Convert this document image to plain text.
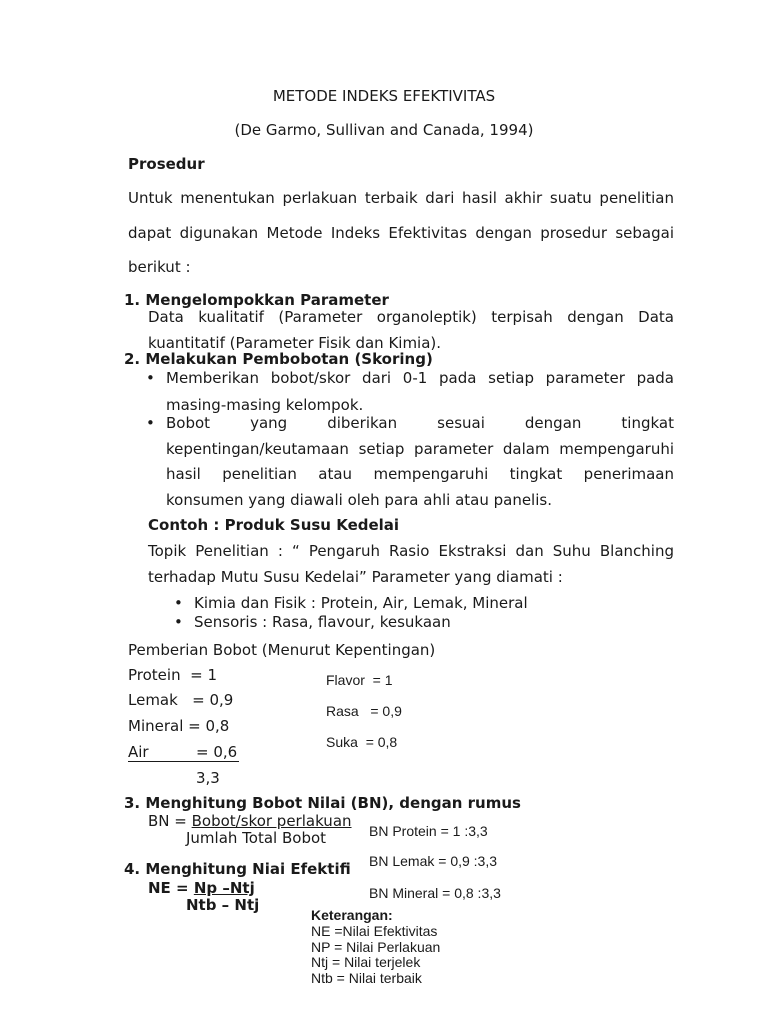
METODE INDEKS EFEKTIVITAS
(De Garmo, Sullivan and Canada, 1994)
Prosedur
Untuk menentukan perlakuan terbaik dari hasil akhir suatu penelitian
dapat digunakan Metode Indeks Efektivitas dengan prosedur sebagai
berikut :
1. Mengelompokkan Parameter
Data kualitatif (Parameter organoleptik) terpisah dengan Data
kuantitatif (Parameter Fisik dan Kimia).
2. Melakukan Pembobotan (Skoring)
• Memberikan bobot/skor dari 0-1 pada setiap parameter pada
masing-masing kelompok.
• Bobot yang diberikan sesuai dengan tingkat
kepentingan/keutamaan setiap parameter dalam mempengaruhi
hasil penelitian atau mempengaruhi tingkat penerimaan
konsumen yang diawali oleh para ahli atau panelis.
Contoh : Produk Susu Kedelai
Topik Penelitian : “ Pengaruh Rasio Ekstraksi dan Suhu Blanching
terhadap Mutu Susu Kedelai” Parameter yang diamati :
• Kimia dan Fisik : Protein, Air, Lemak, Mineral
• Sensoris : Rasa, flavour, kesukaan
Pemberian Bobot (Menurut Kepentingan)
Protein  = 1
Lemak   = 0,9
Mineral = 0,8
Air	= 0,6
3,3
Flavor  = 1
Rasa   = 0,9
Suka  = 0,8
3. Menghitung Bobot Nilai (BN), dengan rumus
BN = Bobot/skor perlakuan
Jumlah Total Bobot	BN Protein = 1 :3,3
BN Lemak = 0,9 :3,3
BN Mineral = 0,8 :3,3
4. Menghitung Niai Efektifi
NE = Np –Ntj
Ntb – Ntj
Keterangan:
NE =Nilai Efektivitas
NP = Nilai Perlakuan
Ntj = Nilai terjelek
Ntb = Nilai terbaik
